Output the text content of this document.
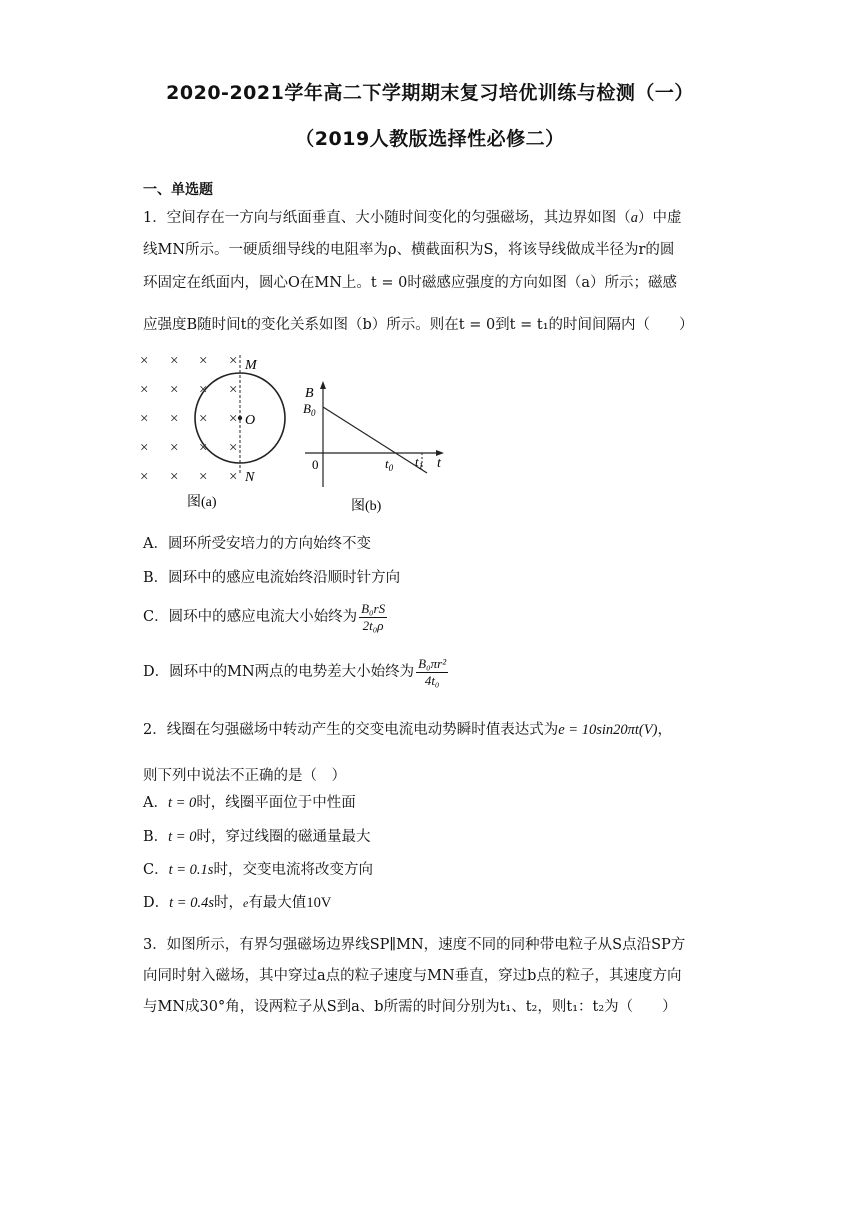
2020-2021学年高二下学期期末复习培优训练与检测（一）
（2019人教版选择性必修二）
一、单选题
1．空间存在一方向与纸面垂直、大小随时间变化的匀强磁场，其边界如图（a）中虚
线MN所示。一硬质细导线的电阻率为ρ、横截面积为S，将该导线做成半径为r的圆
环固定在纸面内，圆心O在MN上。t = 0时磁感应强度的方向如图（a）所示；磁感
应强度B随时间t的变化关系如图（b）所示。则在t = 0到t = t₁的时间间隔内（　　）
× × × ×
× × × ×
× × × ×
× × × ×
× × × ×
M
O
N
图(a)
B
$B_0$
0	$t_0$ $t_1$ t
图(b)
A．圆环所受安培力的方向始终不变
B．圆环中的感应电流始终沿顺时针方向
C．圆环中的感应电流大小始终为 $\frac{\text{B₀rS}}{\text{2t₀ρ}}$
D．圆环中的MN两点的电势差大小始终为 $\frac{\text{B₀πr²}}{\text{4t₀}}$
2．线圈在匀强磁场中转动产生的交变电流电动势瞬时值表达式为e = 10sin20πt(V)，
则下列中说法不正确的是（　）
A．t = 0时，线圈平面位于中性面
B．t = 0时，穿过线圈的磁通量最大
C．t = 0.1s时，交变电流将改变方向
D．t = 0.4s时，e有最大值10V
3．如图所示，有界匀强磁场边界线SP∥MN，速度不同的同种带电粒子从S点沿SP方
向同时射入磁场，其中穿过a点的粒子速度与MN垂直，穿过b点的粒子，其速度方向
与MN成30°角，设两粒子从S到a、b所需的时间分别为t₁、t₂，则t₁：t₂为（　　）
